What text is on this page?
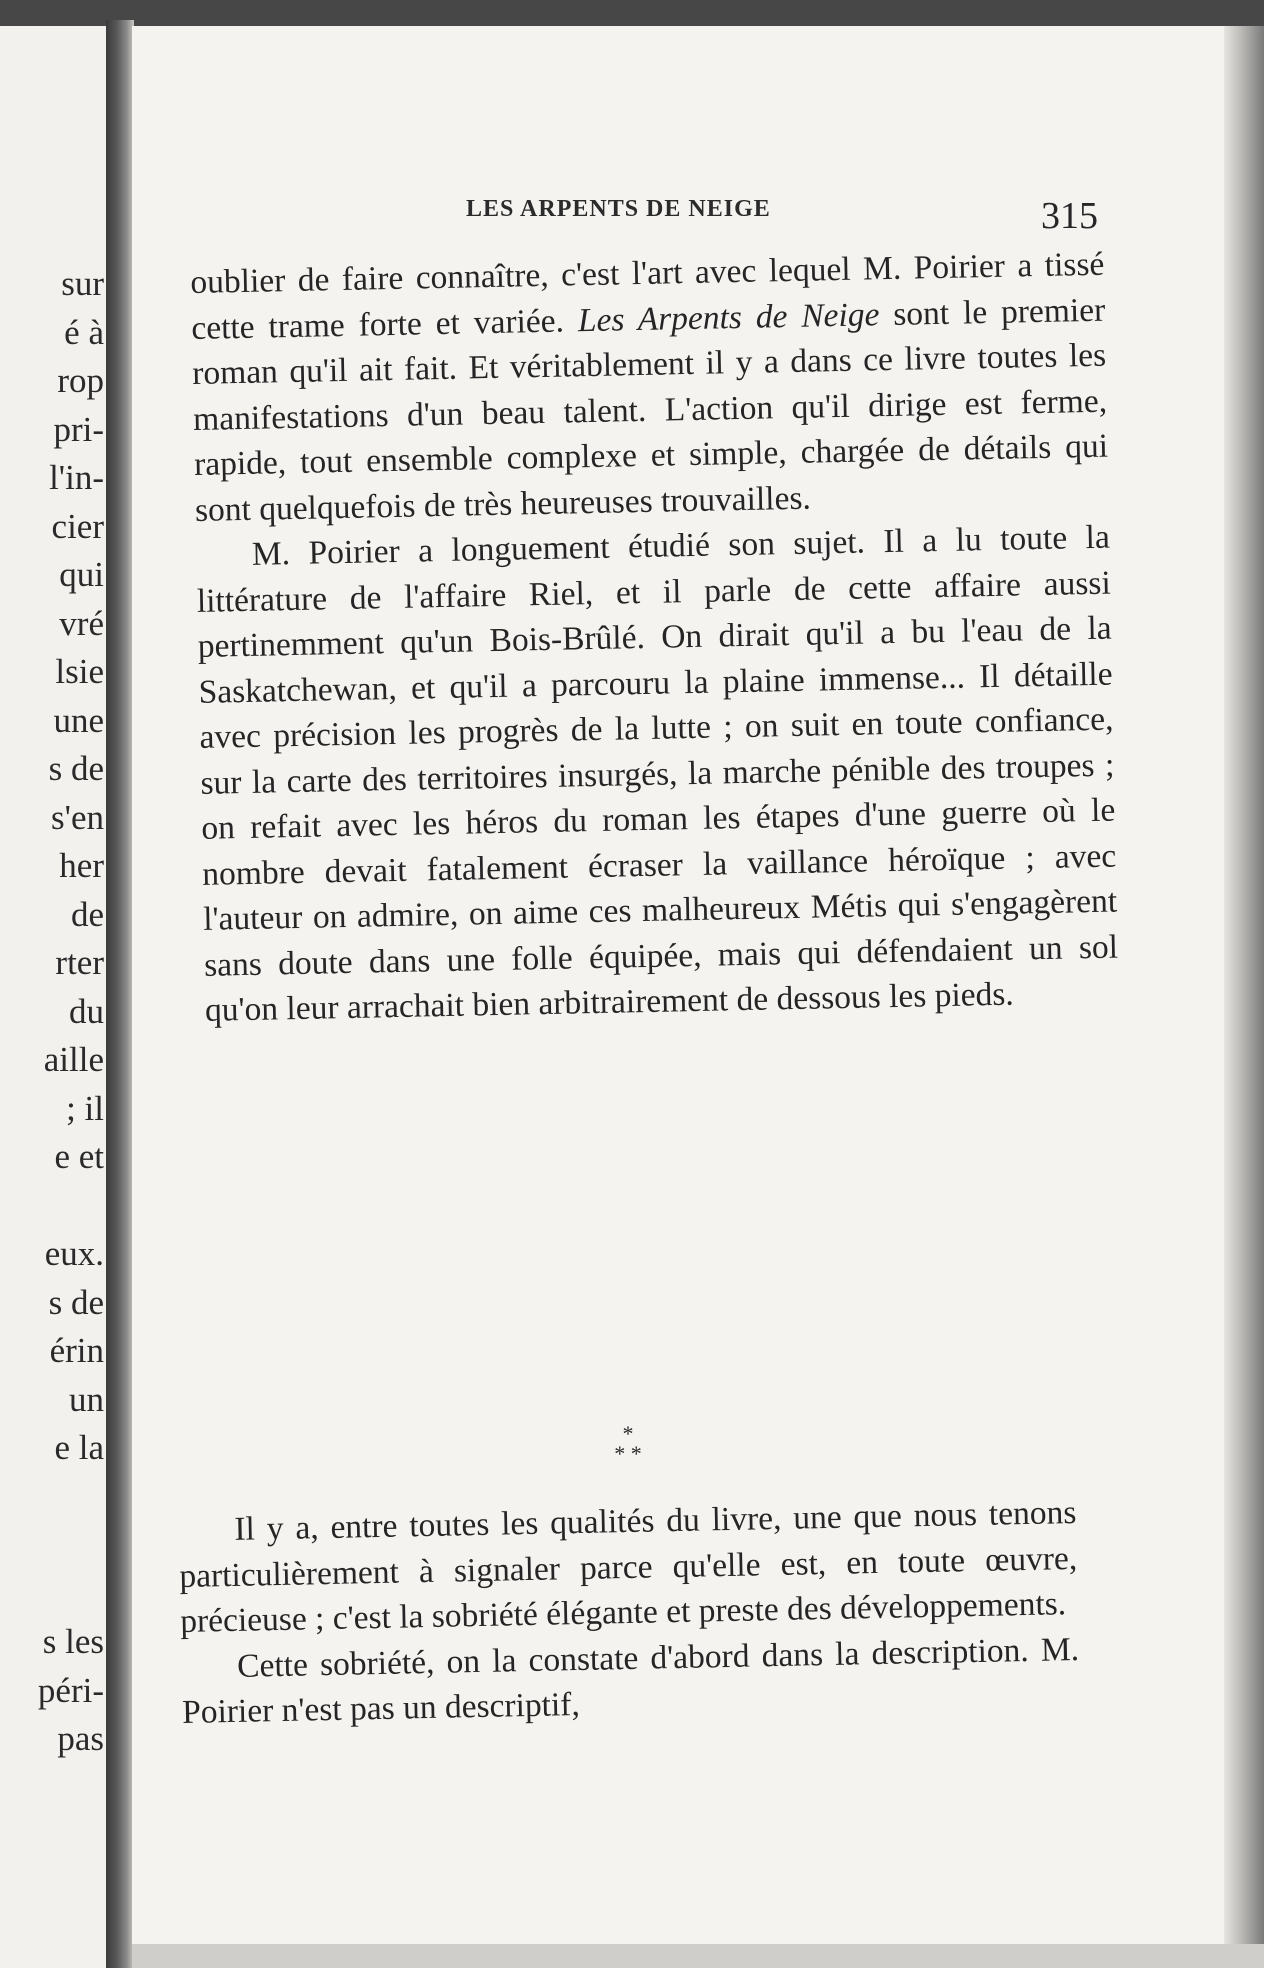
sur
é à
rop
pri-
l'in-
cier
qui
vré
lsie
une
s de
s'en
her
de
rter
du
aille
; il
e et
eux.
s de
érin
un
e la
s les
péri-
pas
LES ARPENTS DE NEIGE	315

oublier de faire connaître, c'est l'art avec lequel M. Poirier a tissé cette trame forte et variée. Les Arpents de Neige sont le premier roman qu'il ait fait. Et véritablement il y a dans ce livre toutes les manifestations d'un beau talent. L'action qu'il dirige est ferme, rapide, tout ensemble complexe et simple, chargée de détails qui sont quelquefois de très heureuses trouvailles.

M. Poirier a longuement étudié son sujet. Il a lu toute la littérature de l'affaire Riel, et il parle de cette affaire aussi pertinemment qu'un Bois-Brûlé. On dirait qu'il a bu l'eau de la Saskatchewan, et qu'il a parcouru la plaine immense... Il détaille avec précision les progrès de la lutte ; on suit en toute confiance, sur la carte des territoires insurgés, la marche pénible des troupes ; on refait avec les héros du roman les étapes d'une guerre où le nombre devait fatalement écraser la vaillance héroïque ; avec l'auteur on admire, on aime ces malheureux Métis qui s'engagèrent sans doute dans une folle équipée, mais qui défendaient un sol qu'on leur arrachait bien arbitrairement de dessous les pieds.

*
* *

Il y a, entre toutes les qualités du livre, une que nous tenons particulièrement à signaler parce qu'elle est, en toute œuvre, précieuse ; c'est la sobriété élégante et preste des développements.

Cette sobriété, on la constate d'abord dans la description. M. Poirier n'est pas un descriptif,
